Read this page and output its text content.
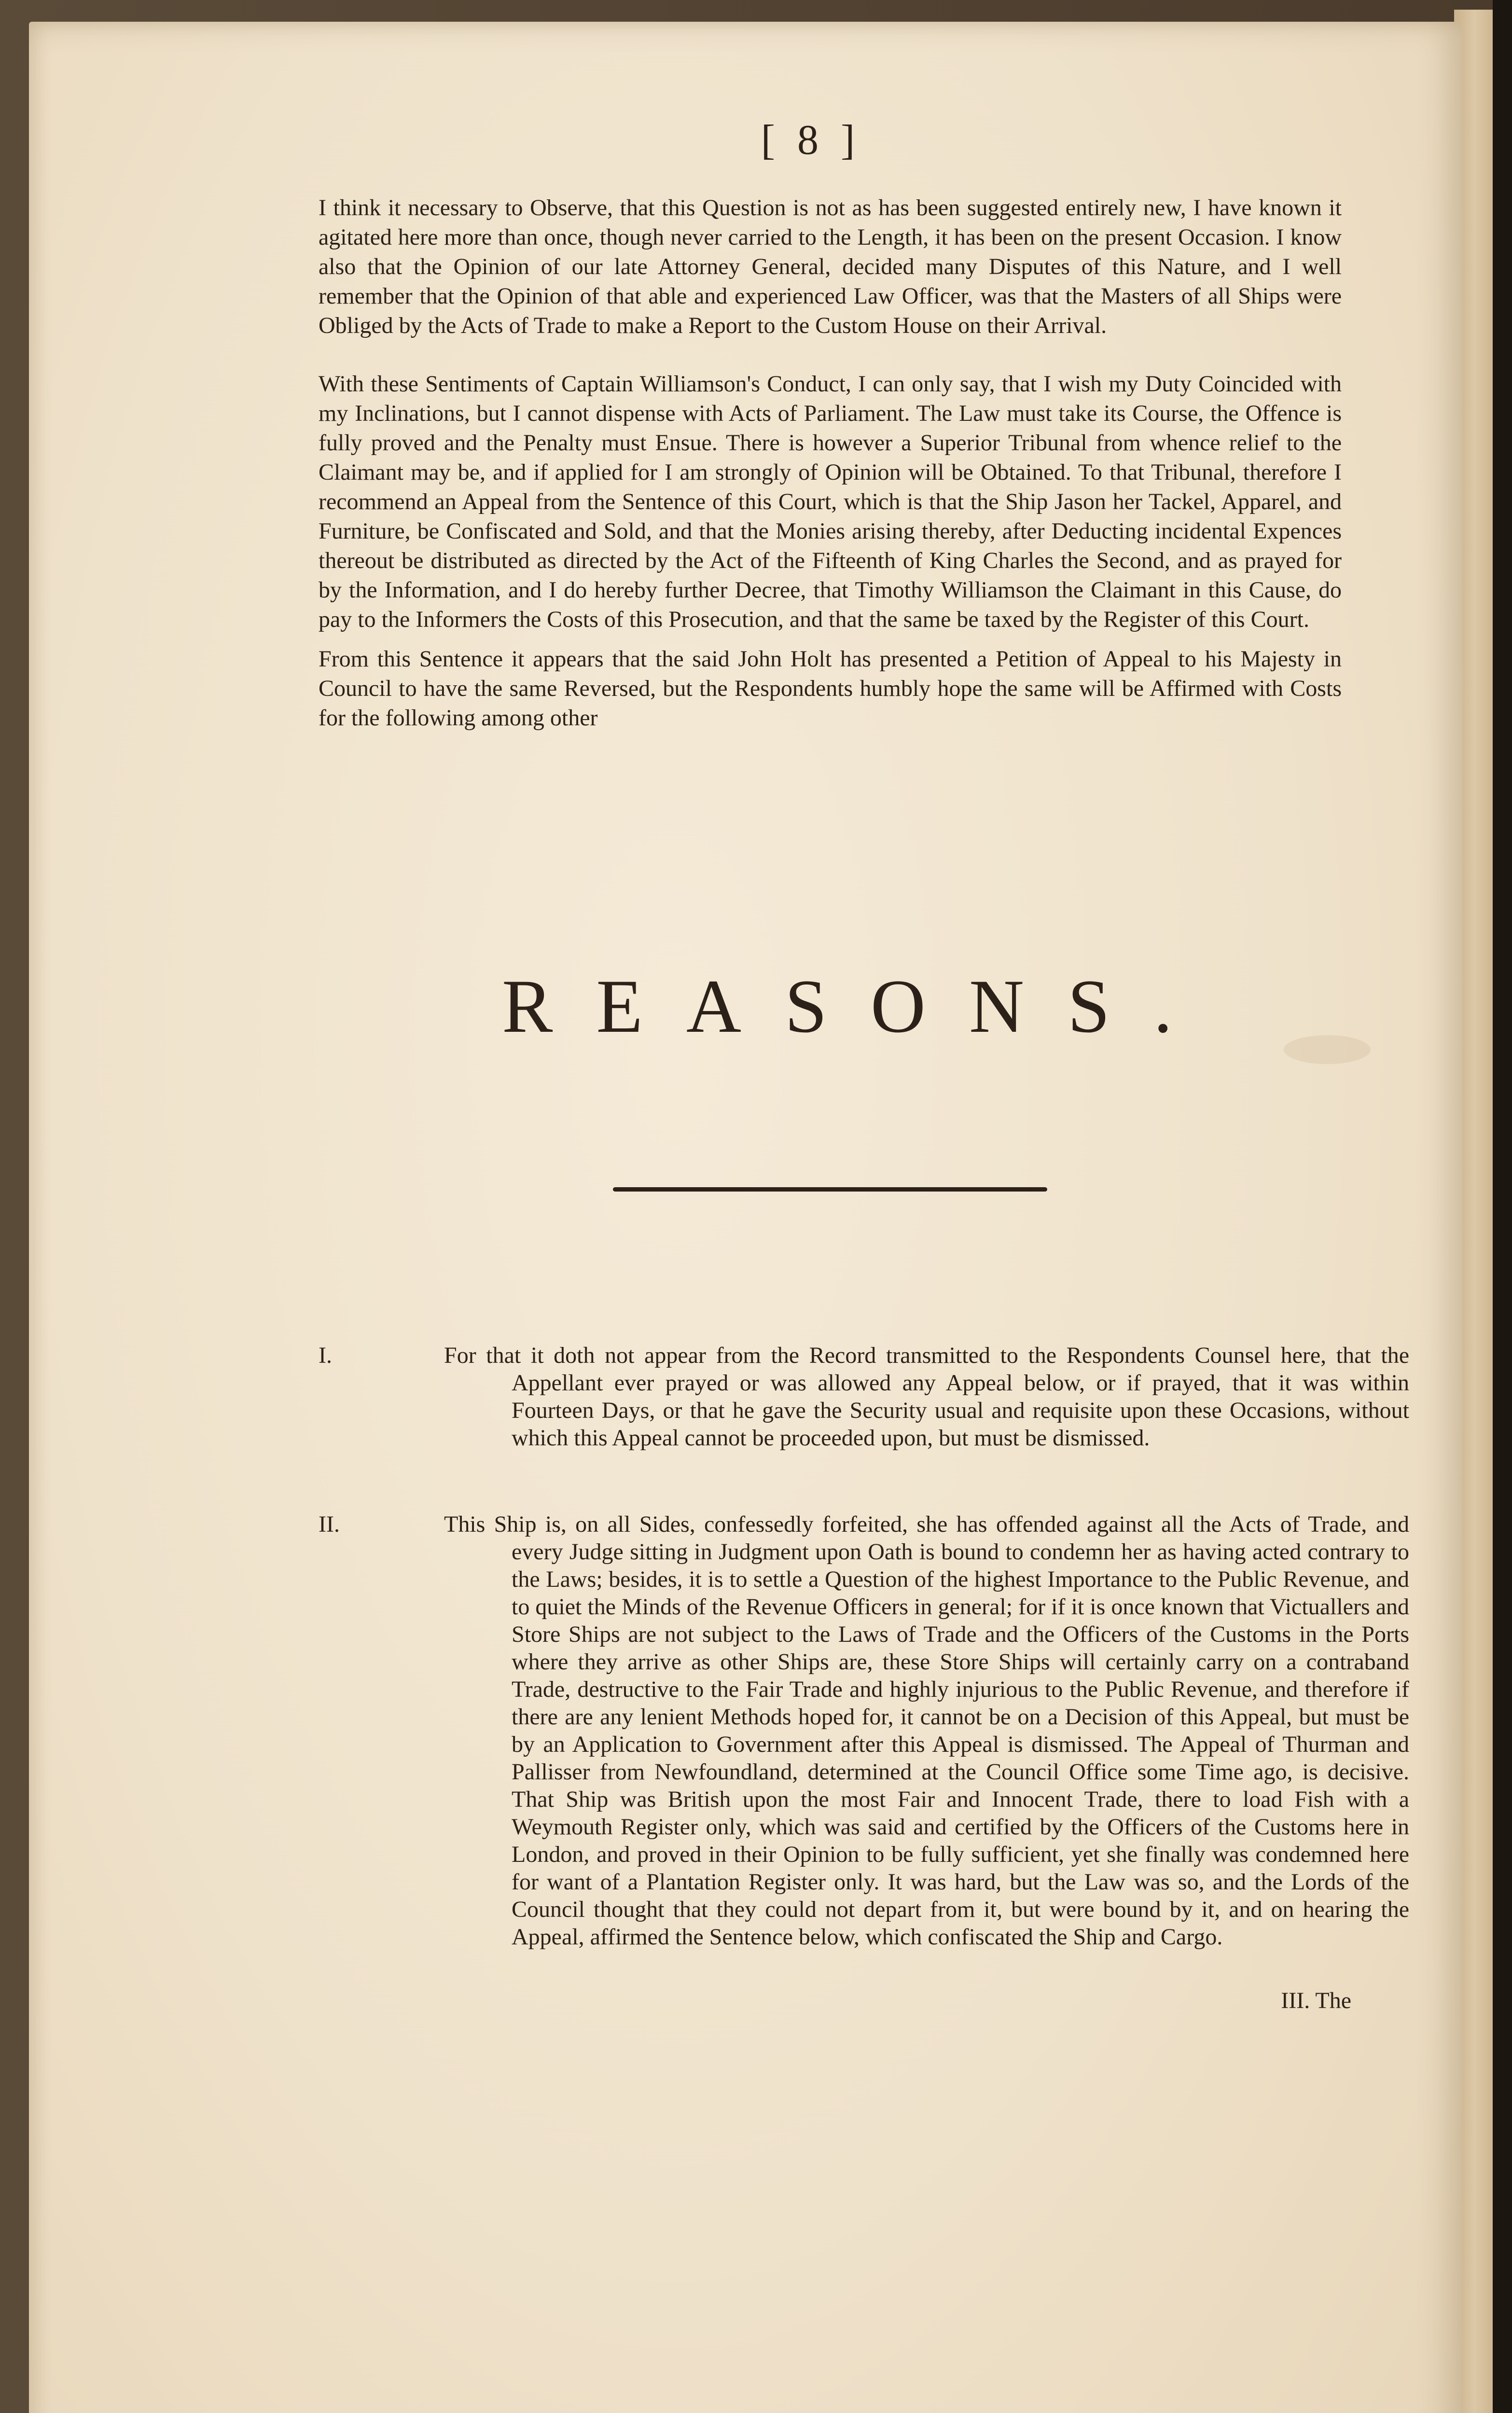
[ 8 ]

I think it necessary to Observe, that this Question is not as has been suggested entirely new, I have known it agitated here more than once, though never carried to the Length, it has been on the present Occasion. I know also that the Opinion of our late Attorney General, decided many Disputes of this Nature, and I well remember that the Opinion of that able and experienced Law Officer, was that the Masters of all Ships were Obliged by the Acts of Trade to make a Report to the Custom House on their Arrival.

With these Sentiments of Captain Williamson's Conduct, I can only say, that I wish my Duty Coincided with my Inclinations, but I cannot dispense with Acts of Parliament. The Law must take its Course, the Offence is fully proved and the Penalty must Ensue. There is however a Superior Tribunal from whence relief to the Claimant may be, and if applied for I am strongly of Opinion will be Obtained. To that Tribunal, therefore I recommend an Appeal from the Sentence of this Court, which is that the Ship Jason her Tackel, Apparel, and Furniture, be Confiscated and Sold, and that the Monies arising thereby, after Deducting incidental Expences thereout be distributed as directed by the Act of the Fifteenth of King Charles the Second, and as prayed for by the Information, and I do hereby further Decree, that Timothy Williamson the Claimant in this Cause, do pay to the Informers the Costs of this Prosecution, and that the same be taxed by the Register of this Court.

From this Sentence it appears that the said John Holt has presented a Petition of Appeal to his Majesty in Council to have the same Reversed, but the Respondents humbly hope the same will be Affirmed with Costs for the following among other

REASONS.
I.	For that it doth not appear from the Record transmitted to the Respondents Counsel here, that the Appellant ever prayed or was allowed any Appeal below, or if prayed, that it was within Fourteen Days, or that he gave the Security usual and requisite upon these Occasions, without which this Appeal cannot be proceeded upon, but must be dismissed.
II.	This Ship is, on all Sides, confessedly forfeited, she has offended against all the Acts of Trade, and every Judge sitting in Judgment upon Oath is bound to condemn her as having acted contrary to the Laws; besides, it is to settle a Question of the highest Importance to the Public Revenue, and to quiet the Minds of the Revenue Officers in general; for if it is once known that Victuallers and Store Ships are not subject to the Laws of Trade and the Officers of the Customs in the Ports where they arrive as other Ships are, these Store Ships will certainly carry on a contraband Trade, destructive to the Fair Trade and highly injurious to the Public Revenue, and therefore if there are any lenient Methods hoped for, it cannot be on a Decision of this Appeal, but must be by an Application to Government after this Appeal is dismissed. The Appeal of Thurman and Pallisser from Newfoundland, determined at the Council Office some Time ago, is decisive. That Ship was British upon the most Fair and Innocent Trade, there to load Fish with a Weymouth Register only, which was said and certified by the Officers of the Customs here in London, and proved in their Opinion to be fully sufficient, yet she finally was condemned here for want of a Plantation Register only. It was hard, but the Law was so, and the Lords of the Council thought that they could not depart from it, but were bound by it, and on hearing the Appeal, affirmed the Sentence below, which confiscated the Ship and Cargo.
III. The
